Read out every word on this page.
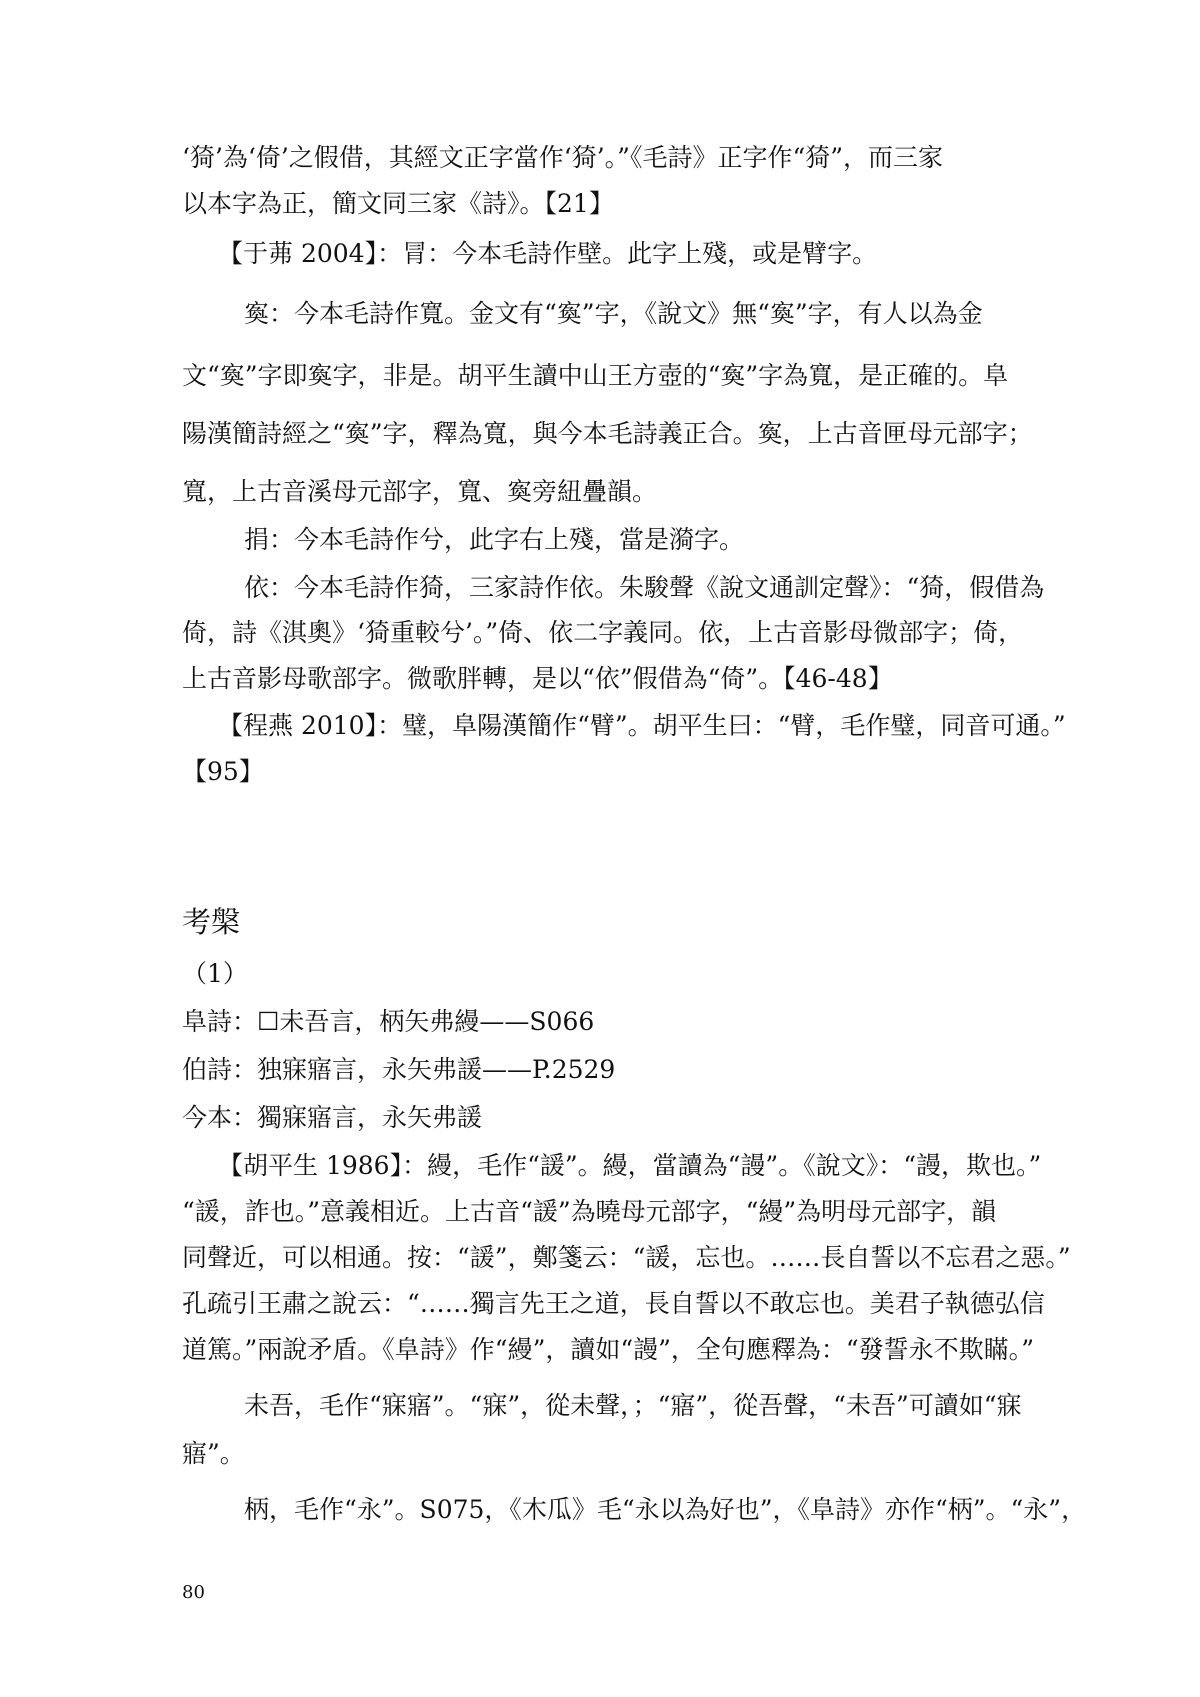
‘猗’為‘倚’之假借，其經文正字當作‘猗’。”《毛詩》正字作“猗”，而三家
以本字為正，簡文同三家《詩》。【21】
【于茀 2004】：冐：今本毛詩作壁。此字上殘，或是臂字。
寏：今本毛詩作寬。金文有“寏”字，《說文》無“寏”字，有人以為金
文“寏”字即寏字，非是。胡平生讀中山王方壺的“寏”字為寬，是正確的。阜
陽漢簡詩經之“寏”字，釋為寬，與今本毛詩義正合。寏，上古音匣母元部字；
寬，上古音溪母元部字，寬、寏旁紐疊韻。
捐：今本毛詩作兮，此字右上殘，當是漪字。
依：今本毛詩作猗，三家詩作依。朱駿聲《說文通訓定聲》：“猗，假借為
倚，詩《淇奧》‘猗重較兮’。”倚、依二字義同。依，上古音影母微部字；倚，
上古音影母歌部字。微歌胖轉，是以“依”假借為“倚”。【46-48】
【程燕 2010】：璧，阜陽漢簡作“臂”。胡平生曰：“臂，毛作璧，同音可通。”
【95】
考槃
（1）
阜詩：☐未吾言，柄矢弗縵——S066
伯詩：独寐寤言，永矢弗諼——P.2529
今本：獨寐寤言，永矢弗諼
【胡平生 1986】：縵，毛作“諼”。縵，當讀為“謾”。《說文》：“謾，欺也。”
“諼，詐也。”意義相近。上古音“諼”為曉母元部字，“縵”為明母元部字，韻
同聲近，可以相通。按：“諼”，鄭箋云：“諼，忘也。……長自誓以不忘君之惡。”
孔疏引王肅之說云：“……獨言先王之道，長自誓以不敢忘也。美君子執德弘信
道篤。”兩說矛盾。《阜詩》作“縵”，讀如“謾”，全句應釋為：“發誓永不欺瞞。”
未吾，毛作“寐寤”。“寐”，從未聲，；“寤”，從吾聲，“未吾”可讀如“寐
寤”。
柄，毛作“永”。S075，《木瓜》毛“永以為好也”，《阜詩》亦作“柄”。“永”，
80
